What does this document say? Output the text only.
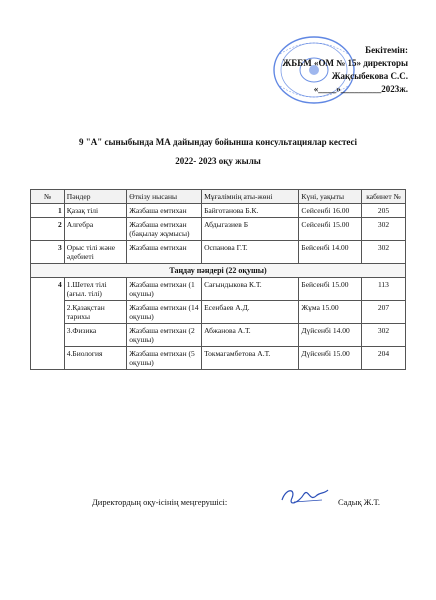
Бекітемін:
ЖББМ «ОМ № 15» директоры
Жақсыбекова С.С.
«____»_________2023ж.
9 "А" сыныбында МА дайындау бойынша консультациялар кестесі
2022- 2023 оқу жылы
№	Пәндер	Өткізу нысаны	Мұғалімнің аты-жөні	Күні, уақыты	кабинет №
1	Қазақ тілі	Жазбаша емтихан	Байготанова Б.К.	Сейсенбі 16.00	205
2	Алгебра	Жазбаша емтихан (бақылау жұмысы)	Абдыгазиев Б	Сейсенбі 15.00	302
3	Орыс тілі және әдебиеті	Жазбаша емтихан	Оспанова Г.Т.	Бейсенбі 14.00	302
Таңдау пәндері (22 оқушы)					
4	1.Шетел тілі (ағыл. тілі)	Жазбаша емтихан (1 оқушы)	Сағындыкова К.Т.	Бейсенбі 15.00	113
	2.Қазақстан тарихы	Жазбаша емтихан (14 оқушы)	Есенбаев А.Д.	Жұма 15.00	207
	3.Физика	Жазбаша емтихан (2 оқушы)	Абжанова А.Т.	Дүйсенбі 14.00	302
	4.Биология	Жазбаша емтихан (5 оқушы)	Токмагамбетова А.Т.	Дүйсенбі 15.00	204
Директордың оқу-ісінің меңгерушісі:	Садық Ж.Т.
